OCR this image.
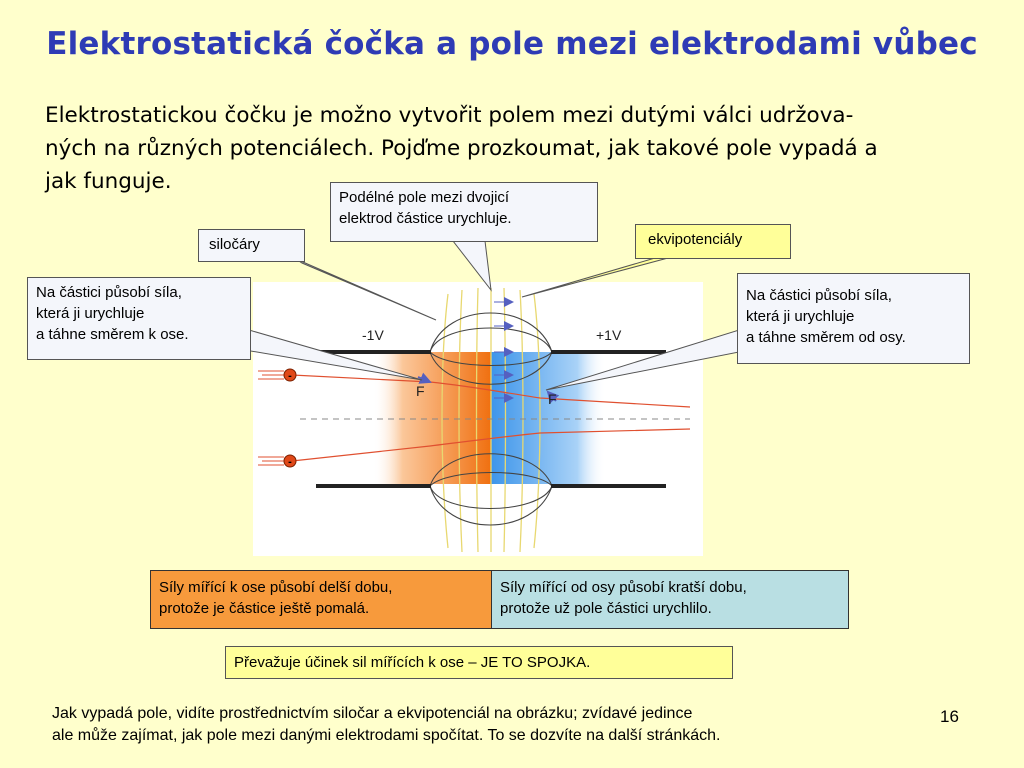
Elektrostatická čočka a pole mezi elektrodami vůbec
Elektrostatickou čočku je možno vytvořit polem mezi dutými válci udržova-
ných na různých potenciálech. Pojďme prozkoumat, jak takové pole vypadá a
jak funguje.
-
-
-1V	+1V
F	F
Podélné pole mezi dvojicí
elektrod částice urychluje.
siločáry	ekvipotenciály
Na částici působí síla,
která ji urychluje
a táhne směrem k ose.
Na částici působí síla,
která ji urychluje
a táhne směrem od osy.
Síly mířící k ose působí delší dobu,
protože je částice ještě pomalá.
Síly mířící od osy působí kratší dobu,
protože už pole částici urychlilo.
Převažuje účinek sil mířících k ose – JE TO SPOJKA.
Jak vypadá pole, vidíte prostřednictvím siločar a ekvipotenciál na obrázku; zvídavé jedince
ale může zajímat, jak pole mezi danými elektrodami spočítat. To se dozvíte na další stránkách.
16
